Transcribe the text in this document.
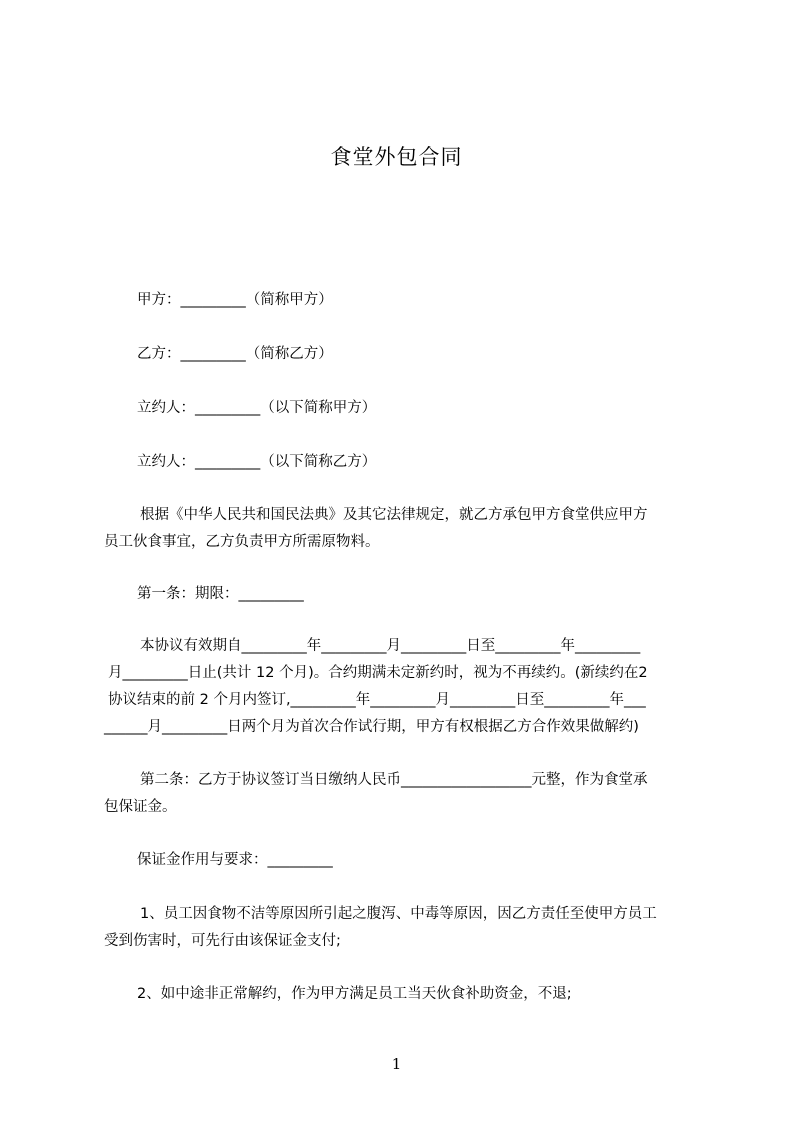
食堂外包合同
甲方：_________（简称甲方）
乙方：_________（简称乙方）
立约人：_________（以下简称甲方）
立约人：_________（以下简称乙方）
根据《中华人民共和国民法典》及其它法律规定，就乙方承包甲方食堂供应甲方
员工伙食事宜，乙方负责甲方所需原物料。
第一条：期限：_________
本协议有效期自_________年_________月_________日至_________年_________
月_________日止(共计 12 个月)。合约期满未定新约时，视为不再续约。(新续约在2
协议结束的前 2 个月内签订,_________年_________月_________日至_________年___
______月_________日两个月为首次合作试行期，甲方有权根据乙方合作效果做解约)
第二条：乙方于协议签订当日缴纳人民币__________________元整，作为食堂承
包保证金。
保证金作用与要求：_________
1、员工因食物不洁等原因所引起之腹泻、中毒等原因，因乙方责任至使甲方员工
受到伤害时，可先行由该保证金支付;
2、如中途非正常解约，作为甲方满足员工当天伙食补助资金，不退;
1
